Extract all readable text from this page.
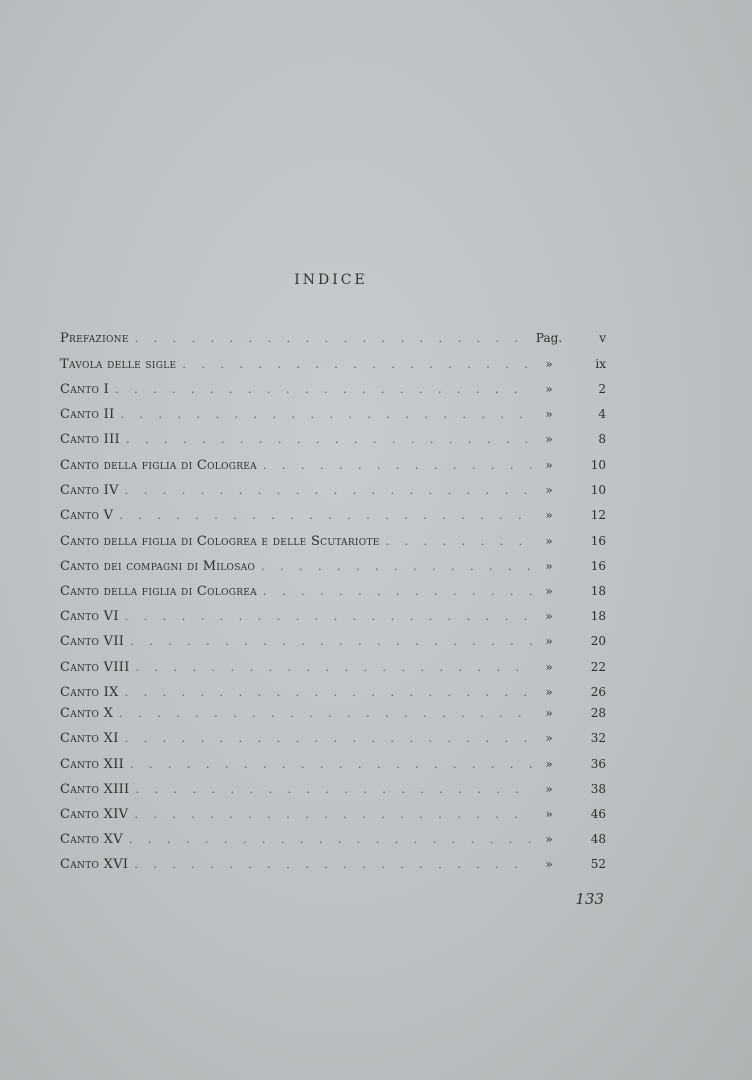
INDICE
Prefazione . . .	Pag.	v
Tavola delle sigle . . .	»	ix
Canto I . . .	»	2
Canto II . . .	»	4
Canto III . . .	»	8
Canto della figlia di Cologrea . . .	»	10
Canto IV . . .	»	10
Canto V . . .	»	12
Canto della figlia di Cologrea e delle Scutariote . . .	»	16
Canto dei compagni di Milosao . . .	»	16
Canto della figlia di Cologrea . . .	»	18
Canto VI . . .	»	18
Canto VII . . .	»	20
Canto VIII . . .	»	22
Canto IX . . .	»	26
Canto X . . .	»	28
Canto XI . . .	»	32
Canto XII . . .	»	36
Canto XIII . . .	»	38
Canto XIV . . .	»	46
Canto XV . . .	»	48
Canto XVI . . .	»	52
133
